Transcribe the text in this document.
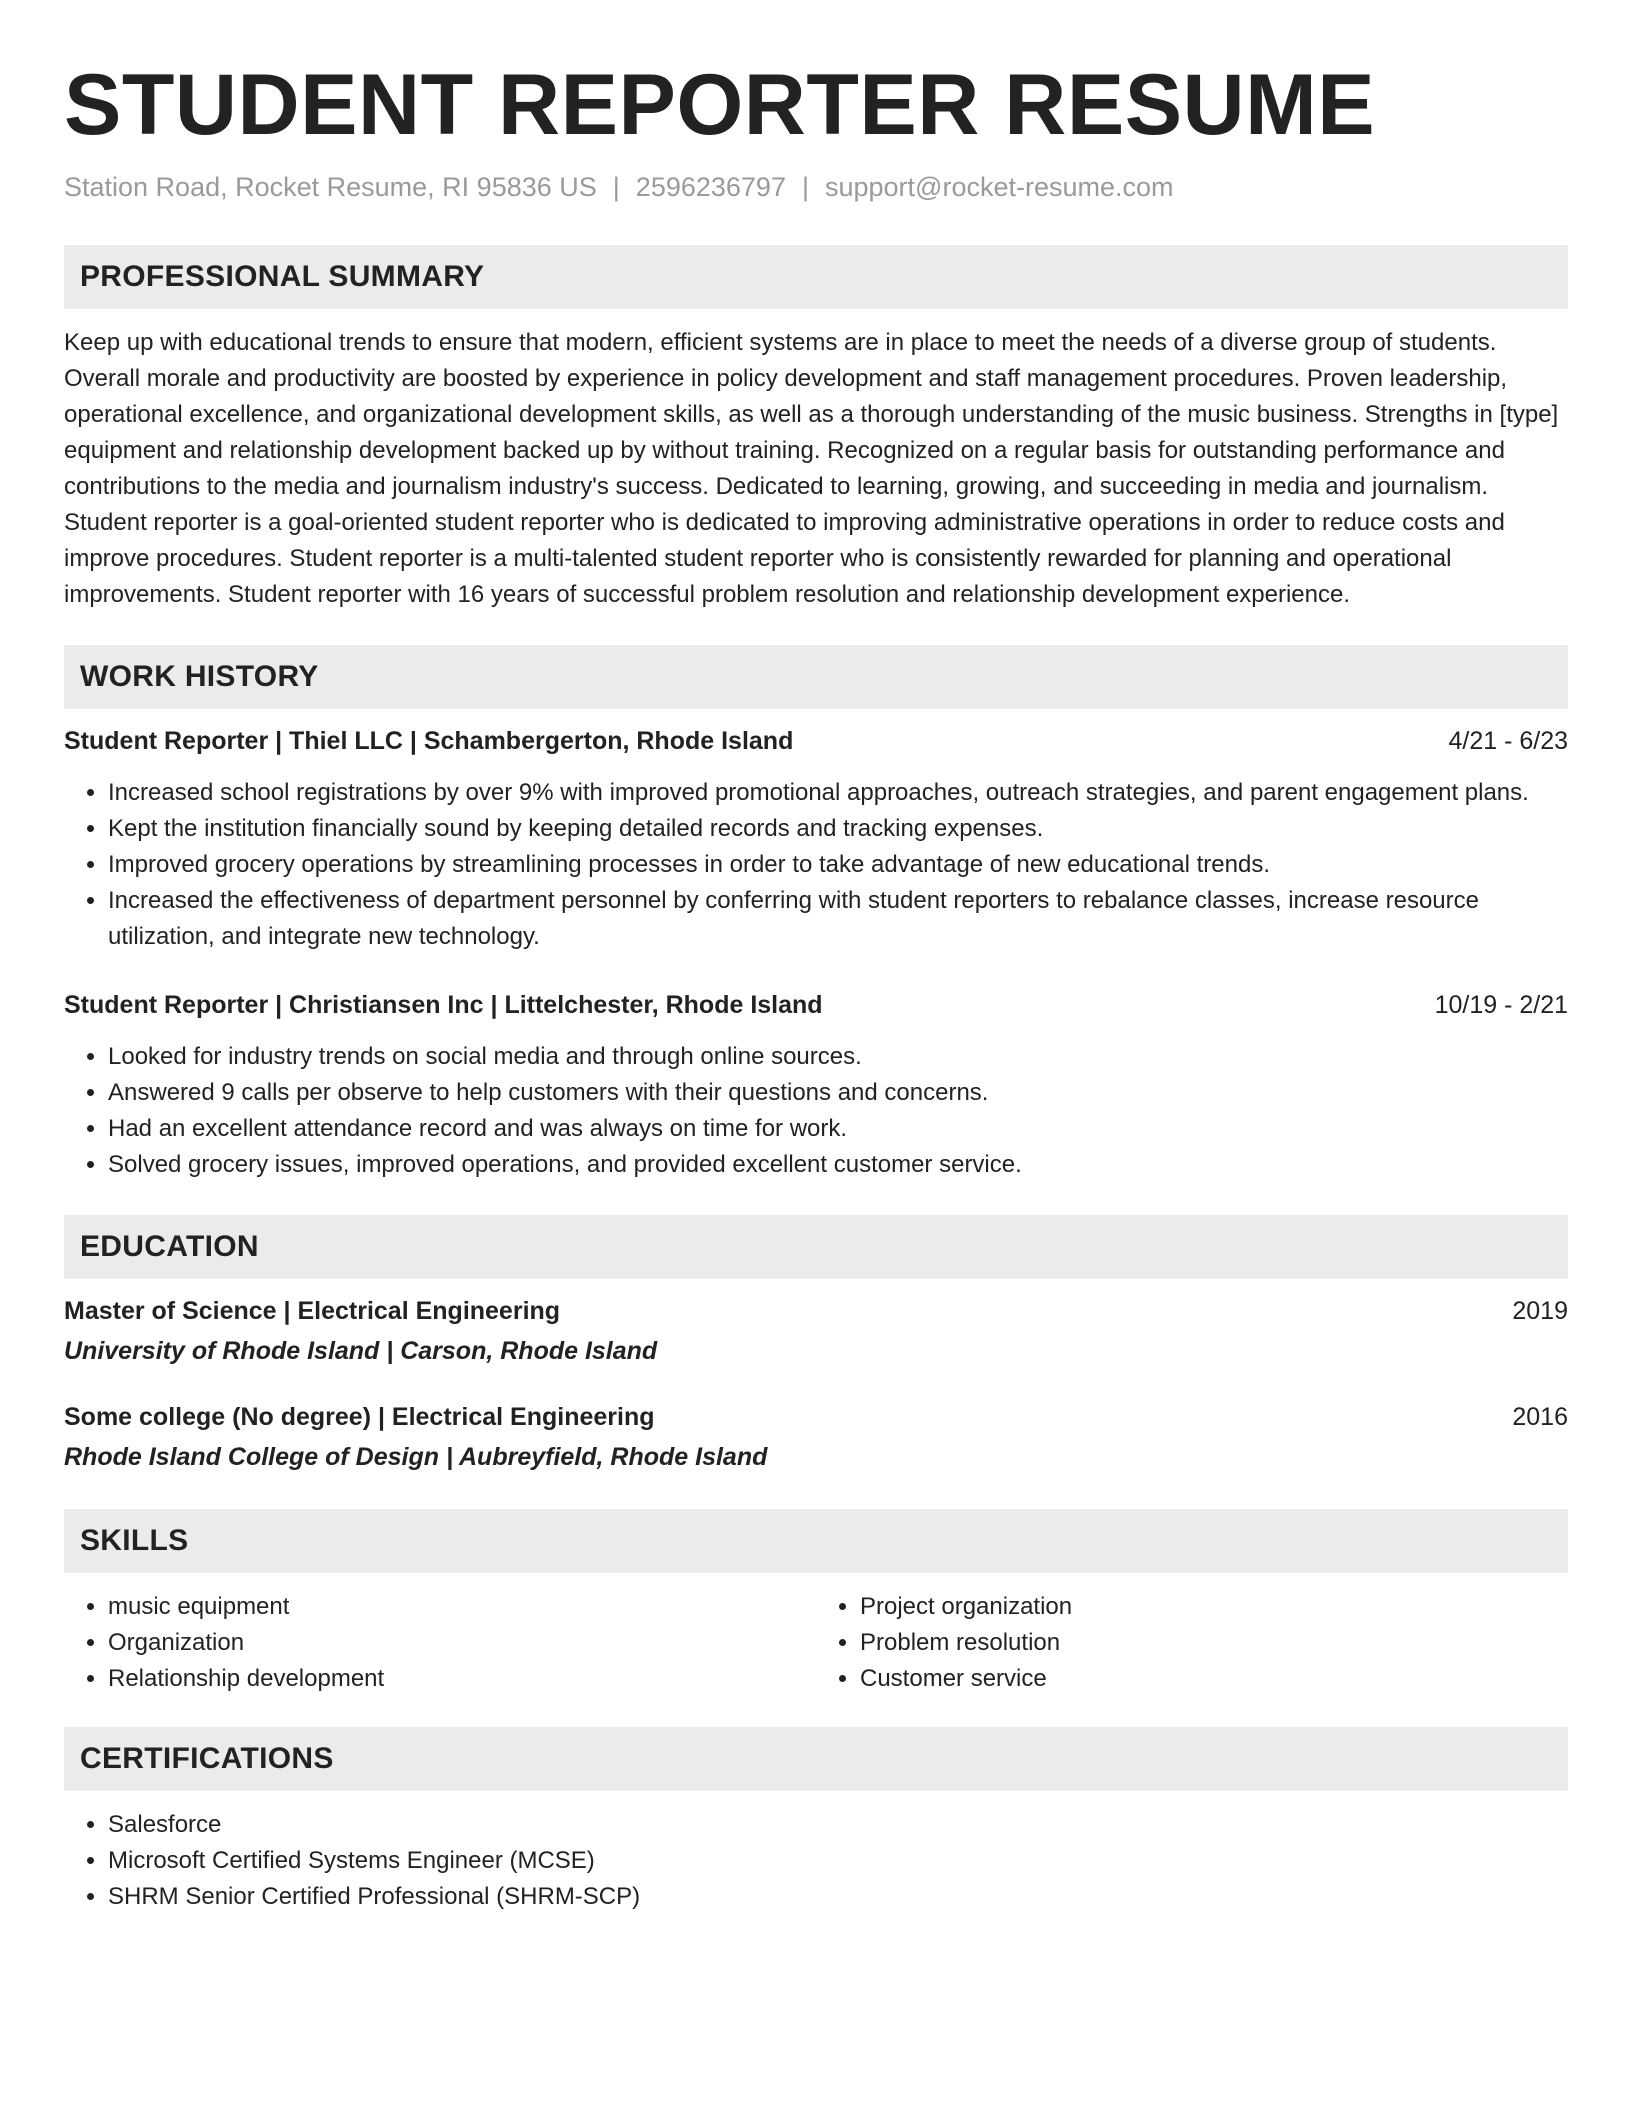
STUDENT REPORTER RESUME
Station Road, Rocket Resume, RI 95836 US | 2596236797 | support@rocket-resume.com
PROFESSIONAL SUMMARY
Keep up with educational trends to ensure that modern, efficient systems are in place to meet the needs of a diverse group of students. Overall morale and productivity are boosted by experience in policy development and staff management procedures. Proven leadership, operational excellence, and organizational development skills, as well as a thorough understanding of the music business. Strengths in [type] equipment and relationship development backed up by without training. Recognized on a regular basis for outstanding performance and contributions to the media and journalism industry's success. Dedicated to learning, growing, and succeeding in media and journalism. Student reporter is a goal-oriented student reporter who is dedicated to improving administrative operations in order to reduce costs and improve procedures. Student reporter is a multi-talented student reporter who is consistently rewarded for planning and operational improvements. Student reporter with 16 years of successful problem resolution and relationship development experience.
WORK HISTORY
Student Reporter | Thiel LLC | Schambergerton, Rhode Island	4/21 - 6/23
• Increased school registrations by over 9% with improved promotional approaches, outreach strategies, and parent engagement plans.
• Kept the institution financially sound by keeping detailed records and tracking expenses.
• Improved grocery operations by streamlining processes in order to take advantage of new educational trends.
• Increased the effectiveness of department personnel by conferring with student reporters to rebalance classes, increase resource utilization, and integrate new technology.
Student Reporter | Christiansen Inc | Littelchester, Rhode Island	10/19 - 2/21
• Looked for industry trends on social media and through online sources.
• Answered 9 calls per observe to help customers with their questions and concerns.
• Had an excellent attendance record and was always on time for work.
• Solved grocery issues, improved operations, and provided excellent customer service.
EDUCATION
Master of Science | Electrical Engineering	2019
University of Rhode Island | Carson, Rhode Island
Some college (No degree) | Electrical Engineering	2016
Rhode Island College of Design | Aubreyfield, Rhode Island
SKILLS
• music equipment
• Organization
• Relationship development
• Project organization
• Problem resolution
• Customer service
CERTIFICATIONS
• Salesforce
• Microsoft Certified Systems Engineer (MCSE)
• SHRM Senior Certified Professional (SHRM-SCP)
